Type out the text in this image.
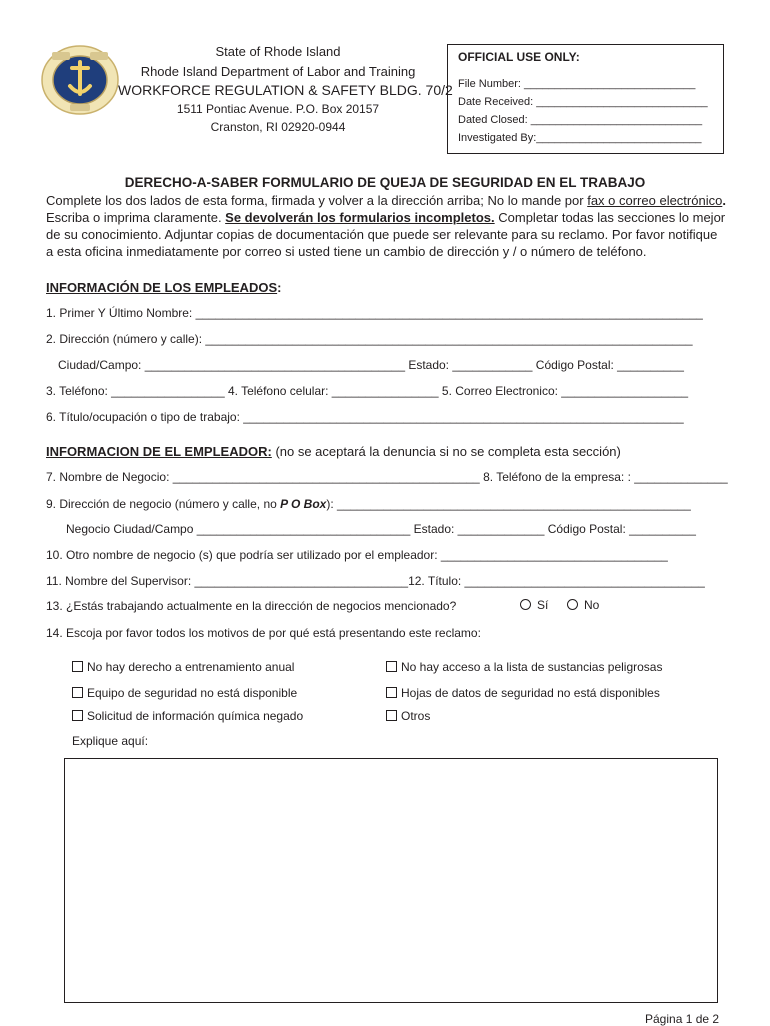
State of Rhode Island
Rhode Island Department of Labor and Training
WORKFORCE REGULATION & SAFETY BLDG. 70/2
1511 Pontiac Avenue. P.O. Box 20157
Cranston, RI 02920-0944
OFFICIAL USE ONLY:
File Number: ____________________________
Date Received: ____________________________
Dated Closed: ____________________________
Investigated By:___________________________
DERECHO-A-SABER FORMULARIO DE QUEJA DE SEGURIDAD EN EL TRABAJO
Complete los dos lados de esta forma, firmada y volver a la dirección arriba; No lo mande por fax o correo electrónico.
Escriba o imprima claramente. Se devolverán los formularios incompletos. Completar todas las secciones lo mejor
de su conocimiento. Adjuntar copias de documentación que puede ser relevante para su reclamo. Por favor notifique
a esta oficina inmediatamente por correo si usted tiene un cambio de dirección y / o número de teléfono.
INFORMACIÓN DE LOS EMPLEADOS:
1. Primer Y Último Nombre: ____________________________________________________________________________
2. Dirección (número y calle): _________________________________________________________________________
Ciudad/Campo: _______________________________________ Estado: ____________ Código Postal: __________
3. Teléfono: _________________ 4. Teléfono celular: ________________ 5. Correo Electronico: ___________________
6. Título/ocupación o tipo de trabajo: __________________________________________________________________
INFORMACION DE EL EMPLEADOR: (no se aceptará la denuncia si no se completa esta sección)
7. Nombre de Negocio: ______________________________________________ 8. Teléfono de la empresa: : ______________
9. Dirección de negocio (número y calle, no P O Box): _____________________________________________________
Negocio Ciudad/Campo ________________________________ Estado: _____________ Código Postal: __________
10. Otro nombre de negocio (s) que podría ser utilizado por el empleador: __________________________________
11. Nombre del Supervisor: ________________________________12. Título: ____________________________________
13. ¿Estás trabajando actualmente en la dirección de negocios mencionado?	Sí	No
14. Escoja por favor todos los motivos de por qué está presentando este reclamo:
No hay derecho a entrenamiento anual	No hay acceso a la lista de sustancias peligrosas
Equipo de seguridad no está disponible	Hojas de datos de seguridad no está disponibles
Solicitud de información química negado	Otros
Explique aquí:
Página 1 de 2
